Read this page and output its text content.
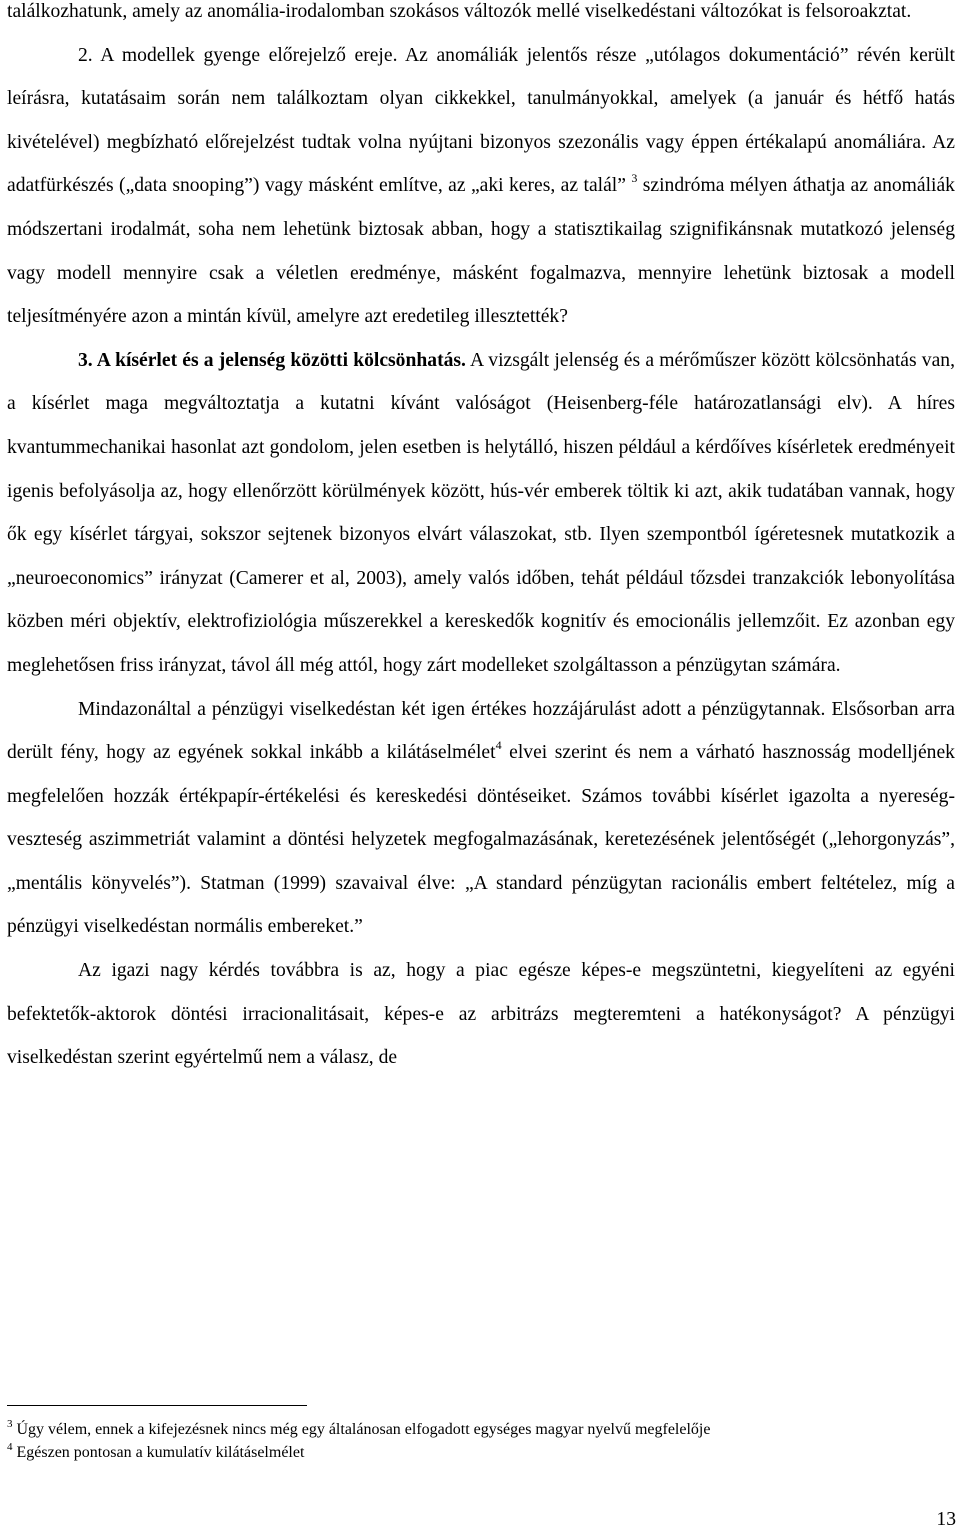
találkozhatunk, amely az anomália-irodalomban szokásos változók mellé viselkedéstani változókat is felsoroakztat.

2. A modellek gyenge előrejelző ereje. Az anomáliák jelentős része „utólagos dokumentáció” révén került leírásra, kutatásaim során nem találkoztam olyan cikkekkel, tanulmányokkal, amelyek (a január és hétfő hatás kivételével) megbízható előrejelzést tudtak volna nyújtani bizonyos szezonális vagy éppen értékalapú anomáliára. Az adatfürkészés („data snooping”) vagy másként említve, az „aki keres, az talál” $^3$ szindróma mélyen áthatja az anomáliák módszertani irodalmát, soha nem lehetünk biztosak abban, hogy a statisztikailag szignifikánsnak mutatkozó jelenség vagy modell mennyire csak a véletlen eredménye, másként fogalmazva, mennyire lehetünk biztosak a modell teljesítményére azon a mintán kívül, amelyre azt eredetileg illesztették?

3. A kísérlet és a jelenség közötti kölcsönhatás. A vizsgált jelenség és a mérőműszer között kölcsönhatás van, a kísérlet maga megváltoztatja a kutatni kívánt valóságot (Heisenberg-féle határozatlansági elv). A híres kvantummechanikai hasonlat azt gondolom, jelen esetben is helytálló, hiszen például a kérdőíves kísérletek eredményeit igenis befolyásolja az, hogy ellenőrzött körülmények között, hús-vér emberek töltik ki azt, akik tudatában vannak, hogy ők egy kísérlet tárgyai, sokszor sejtenek bizonyos elvárt válaszokat, stb. Ilyen szempontból ígéretesnek mutatkozik a „neuroeconomics” irányzat (Camerer et al, 2003), amely valós időben, tehát például tőzsdei tranzakciók lebonyolítása közben méri objektív, elektrofiziológia műszerekkel a kereskedők kognitív és emocionális jellemzőit. Ez azonban egy meglehetősen friss irányzat, távol áll még attól, hogy zárt modelleket szolgáltasson a pénzügytan számára.

Mindazonáltal a pénzügyi viselkedéstan két igen értékes hozzájárulást adott a pénzügytannak. Elsősorban arra derült fény, hogy az egyének sokkal inkább a kilátáselmélet$^4$ elvei szerint és nem a várható hasznosság modelljének megfelelően hozzák értékpapír-értékelési és kereskedési döntéseiket. Számos további kísérlet igazolta a nyereség-veszteség aszimmetriát valamint a döntési helyzetek megfogalmazásának, keretezésének jelentőségét („lehorgonyzás”, „mentális könyvelés”). Statman (1999) szavaival élve: „A standard pénzügytan racionális embert feltételez, míg a pénzügyi viselkedéstan normális embereket.”

Az igazi nagy kérdés továbbra is az, hogy a piac egésze képes-e megszüntetni, kiegyelíteni az egyéni befektetők-aktorok döntési irracionalitásait, képes-e az arbitrázs megteremteni a hatékonyságot? A pénzügyi viselkedéstan szerint egyértelmű nem a válasz, de

$^3$ Úgy vélem, ennek a kifejezésnek nincs még egy általánosan elfogadott egységes magyar nyelvű megfelelője

$^4$ Egészen pontosan a kumulatív kilátáselmélet

13
